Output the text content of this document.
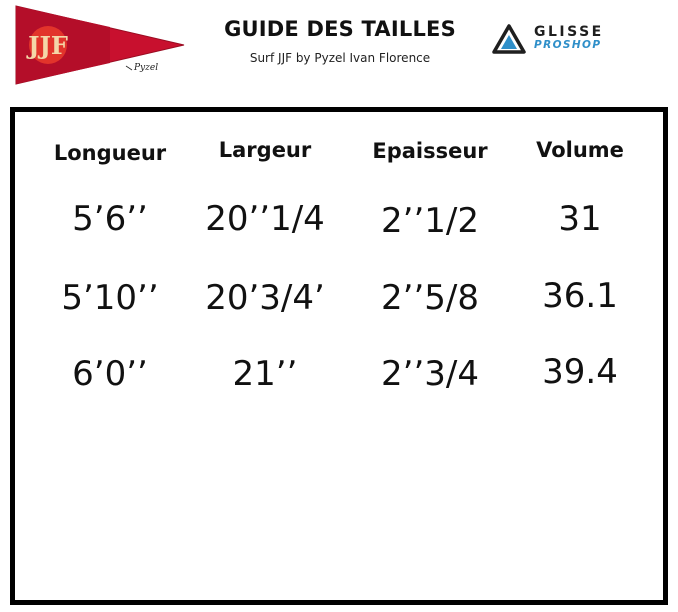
JJF
Pyzel
GUIDE DES TAILLES
Surf JJF by Pyzel Ivan Florence
GLISSE
PROSHOP
Longueur	Largeur	Epaisseur	Volume
5’6’’	20’’1/4	2’’1/2	31
5’10’’	20’3/4’	2’’5/8	36.1
6’0’’	21’’	2’’3/4	39.4
